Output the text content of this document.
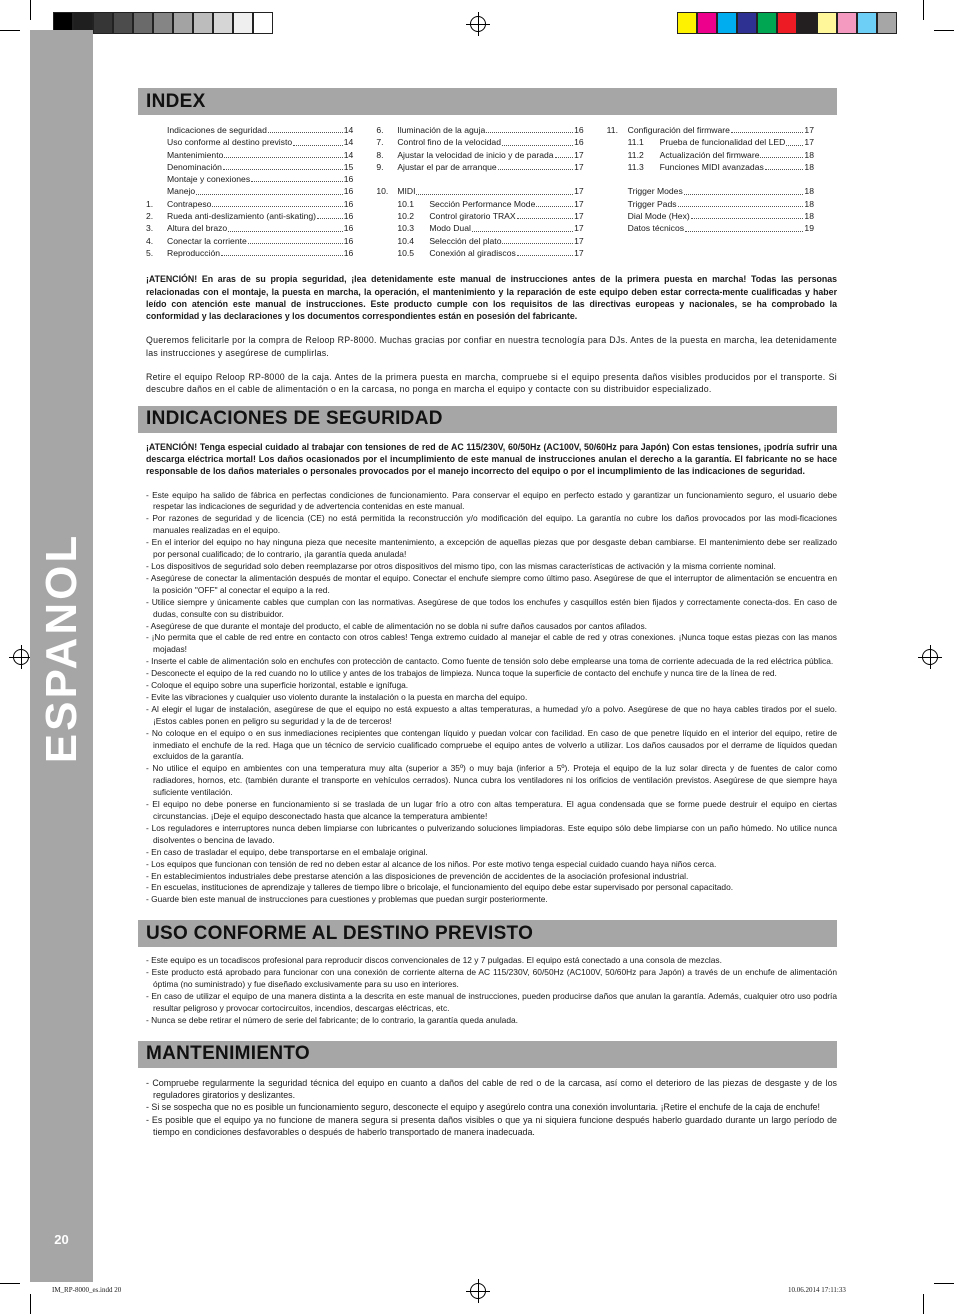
ESPANOL
20
INDEX
Indicaciones de seguridad	14
Uso conforme al destino previsto	14
Mantenimiento	14
Denominación	15
Montaje y conexiones	16
Manejo	16
1.	Contrapeso	16
2.	Rueda anti-deslizamiento (anti-skating)	16
3.	Altura del brazo	16
4.	Conectar la corriente	16
5.	Reproducción	16
6.	Iluminación de la aguja	16
7.	Control fino de la velocidad	16
8.	Ajustar la velocidad de inicio y de parada 17
9.	Ajustar el par de arranque	17
10.	MIDI	17
10.1	Sección Performance Mode	17
10.2	Control giratorio TRAX	17
10.3	Modo Dual	17
10.4	Selección del plato	17
10.5	Conexión al giradiscos	17
11.	Configuración del firmware	17
11.1	Prueba de funcionalidad del LED 17
11.2	Actualización del firmware	18
11.3	Funciones MIDI avanzadas	18
Trigger Modes	18
Trigger Pads	18
Dial Mode (Hex)	18
Datos técnicos	19

¡ATENCIÓN! En aras de su propia seguridad, ¡lea detenidamente este manual de instrucciones antes de la primera puesta en marcha! Todas las personas relacionadas con el montaje, la puesta en marcha, la operación, el mantenimiento y la reparación de este equipo deben estar correcta-mente cualificadas y haber leído con atención este manual de instrucciones. Este producto cumple con los requisitos de las directivas europeas y nacionales, se ha comprobado la conformidad y las declaraciones y los documentos correspondientes están en posesión del fabricante.

Queremos felicitarle por la compra de Reloop RP-8000. Muchas gracias por confiar en nuestra tecnología para DJs. Antes de la puesta en marcha, lea detenidamente las instrucciones y asegúrese de cumplirlas.

Retire el equipo Reloop RP-8000 de la caja. Antes de la primera puesta en marcha, compruebe si el equipo presenta daños visibles producidos por el transporte. Si descubre daños en el cable de alimentación o en la carcasa, no ponga en marcha el equipo y contacte con su distribuidor especializado.

INDICACIONES DE SEGURIDAD

¡ATENCIÓN! Tenga especial cuidado al trabajar con tensiones de red de AC 115/230V, 60/50Hz (AC100V, 50/60Hz para Japón) Con estas tensiones, ¡podría sufrir una descarga eléctrica mortal! Los daños ocasionados por el incumplimiento de este manual de instrucciones anulan el derecho a la garantía. El fabricante no se hace responsable de los daños materiales o personales provocados por el manejo incorrecto del equipo o por el incumplimiento de las indicaciones de seguridad.

- Este equipo ha salido de fábrica en perfectas condiciones de funcionamiento. Para conservar el equipo en perfecto estado y garantizar un funcionamiento seguro, el usuario debe respetar las indicaciones de seguridad y de advertencia contenidas en este manual.
- Por razones de seguridad y de licencia (CE) no está permitida la reconstrucción y/o modificación del equipo. La garantía no cubre los daños provocados por las modi-ficaciones manuales realizadas en el equipo.
- En el interior del equipo no hay ninguna pieza que necesite mantenimiento, a excepción de aquellas piezas que por desgaste deban cambiarse. El mantenimiento debe ser realizado por personal cualificado; de lo contrario, ¡la garantía queda anulada!
- Los dispositivos de seguridad solo deben reemplazarse por otros dispositivos del mismo tipo, con las mismas características de activación y la misma corriente nominal.
- Asegúrese de conectar la alimentación después de montar el equipo. Conectar el enchufe siempre como último paso. Asegúrese de que el interruptor de alimentación se encuentra en la posición "OFF" al conectar el equipo a la red.
- Utilice siempre y únicamente cables que cumplan con las normativas. Asegúrese de que todos los enchufes y casquillos estén bien fijados y correctamente conecta-dos. En caso de dudas, consulte con su distribuidor.
- Asegúrese de que durante el montaje del producto, el cable de alimentación no se dobla ni sufre daños causados por cantos afilados.
- ¡No permita que el cable de red entre en contacto con otros cables! Tenga extremo cuidado al manejar el cable de red y otras conexiones. ¡Nunca toque estas piezas con las manos mojadas!
- Inserte el cable de alimentación solo en enchufes con protecciòn de cantacto. Como fuente de tensión solo debe emplearse una toma de corriente adecuada de la red eléctrica pública.
- Desconecte el equipo de la red cuando no lo utilice y antes de los trabajos de limpieza. Nunca toque la superficie de contacto del enchufe y nunca tire de la línea de red.
- Coloque el equipo sobre una superficie horizontal, estable e ignífuga.
- Evite las vibraciones y cualquier uso violento durante la instalación o la puesta en marcha del equipo.
- Al elegir el lugar de instalación, asegúrese de que el equipo no está expuesto a altas temperaturas, a humedad y/o a polvo. Asegúrese de que no haya cables tirados por el suelo. ¡Estos cables ponen en peligro su seguridad y la de de terceros!
- No coloque en el equipo o en sus inmediaciones recipientes que contengan líquido y puedan volcar con facilidad. En caso de que penetre líquido en el interior del equipo, retire de inmediato el enchufe de la red. Haga que un técnico de servicio cualificado compruebe el equipo antes de volverlo a utilizar. Los daños causados por el derrame de líquidos quedan excluidos de la garantía.
- No utilice el equipo en ambientes con una temperatura muy alta (superior a 35º) o muy baja (inferior a 5º). Proteja el equipo de la luz solar directa y de fuentes de calor como radiadores, hornos, etc. (también durante el transporte en vehículos cerrados). Nunca cubra los ventiladores ni los orificios de ventilación previstos. Asegúrese de que siempre haya suficiente ventilación.
- El equipo no debe ponerse en funcionamiento si se traslada de un lugar frío a otro con altas temperatura. El agua condensada que se forme puede destruir el equipo en ciertas circunstancias. ¡Deje el equipo desconectado hasta que alcance la temperatura ambiente!
- Los reguladores e interruptores nunca deben limpiarse con lubricantes o pulverizando soluciones limpiadoras. Este equipo sólo debe limpiarse con un paño húmedo. No utilice nunca disolventes o bencina de lavado.
- En caso de trasladar el equipo, debe transportarse en el embalaje original.
- Los equipos que funcionan con tensión de red no deben estar al alcance de los niños. Por este motivo tenga especial cuidado cuando haya niños cerca.
- En establecimientos industriales debe prestarse atención a las disposiciones de prevención de accidentes de la asociación profesional industrial.
- En escuelas, instituciones de aprendizaje y talleres de tiempo libre o bricolaje, el funcionamiento del equipo debe estar supervisado por personal capacitado.
- Guarde bien este manual de instrucciones para cuestiones y problemas que puedan surgir posteriormente.
USO CONFORME AL DESTINO PREVISTO
- Este equipo es un tocadiscos profesional para reproducir discos convencionales de 12 y 7 pulgadas. El equipo está conectado a una consola de mezclas.
- Este producto está aprobado para funcionar con una conexión de corriente alterna de AC 115/230V, 60/50Hz (AC100V, 50/60Hz para Japón) a través de un enchufe de alimentación óptima (no suministrado) y fue diseñado exclusivamente para su uso en interiores.
- En caso de utilizar el equipo de una manera distinta a la descrita en este manual de instrucciones, pueden producirse daños que anulan la garantía. Además, cualquier otro uso podría resultar peligroso y provocar cortocircuitos, incendios, descargas eléctricas, etc.
- Nunca se debe retirar el número de serie del fabricante; de lo contrario, la garantía queda anulada.
MANTENIMIENTO
- Compruebe regularmente la seguridad técnica del equipo en cuanto a daños del cable de red o de la carcasa, así como el deterioro de las piezas de desgaste y de los reguladores giratorios y deslizantes.
- Si se sospecha que no es posible un funcionamiento seguro, desconecte el equipo y asegúrelo contra una conexión involuntaria. ¡Retire el enchufe de la caja de enchufe!
- Es posible que el equipo ya no funcione de manera segura si presenta daños visibles o que ya ni siquiera funcione después haberlo guardado durante un largo período de tiempo en condiciones desfavorables o después de haberlo transportado de manera inadecuada.
IM_RP-8000_es.indd 20	10.06.2014 17:11:33
